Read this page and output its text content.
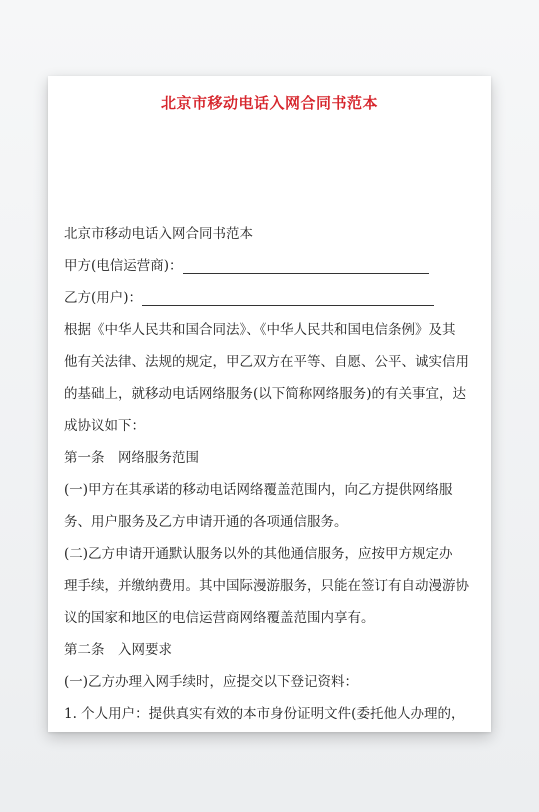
北京市移动电话入网合同书范本
北京市移动电话入网合同书范本
甲方(电信运营商)：
乙方(用户)：
根据《中华人民共和国合同法》、《中华人民共和国电信条例》及其
他有关法律、法规的规定，甲乙双方在平等、自愿、公平、诚实信用
的基础上，就移动电话网络服务(以下简称网络服务)的有关事宜，达
成协议如下：
第一条　网络服务范围
(一)甲方在其承诺的移动电话网络覆盖范围内，向乙方提供网络服
务、用户服务及乙方申请开通的各项通信服务。
(二)乙方申请开通默认服务以外的其他通信服务，应按甲方规定办
理手续，并缴纳费用。其中国际漫游服务，只能在签订有自动漫游协
议的国家和地区的电信运营商网络覆盖范围内享有。
第二条　入网要求
(一)乙方办理入网手续时，应提交以下登记资料：
1. 个人用户：提供真实有效的本市身份证明文件(委托他人办理的，
